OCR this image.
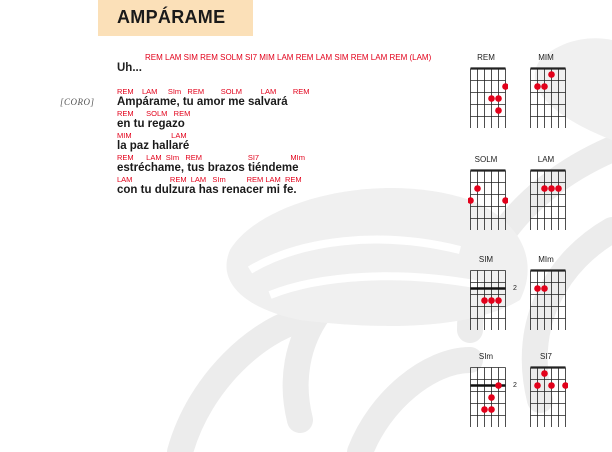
AMPÁRAME
REM LAM SIM REM SOLM SI7 MIM LAM REM LAM SIM REM LAM REM (LAM)
Uh...
[CORO]
REM    LAM     SIm   REM        SOLM         LAM        REM
Ampárame, tu amor me salvará
REM      SOLM   REM
en tu regazo
MIM                   LAM
la paz hallaré
REM      LAM  SIm   REM                      SI7               MIm
estréchame, tus brazos tiéndeme
LAM                  REM  LAM   SIm          REM LAM  REM
con tu dulzura has renacer mi fe.
REM	MIM
SOLM	LAM
SIM
2
MIm
SIm
2
SI7
